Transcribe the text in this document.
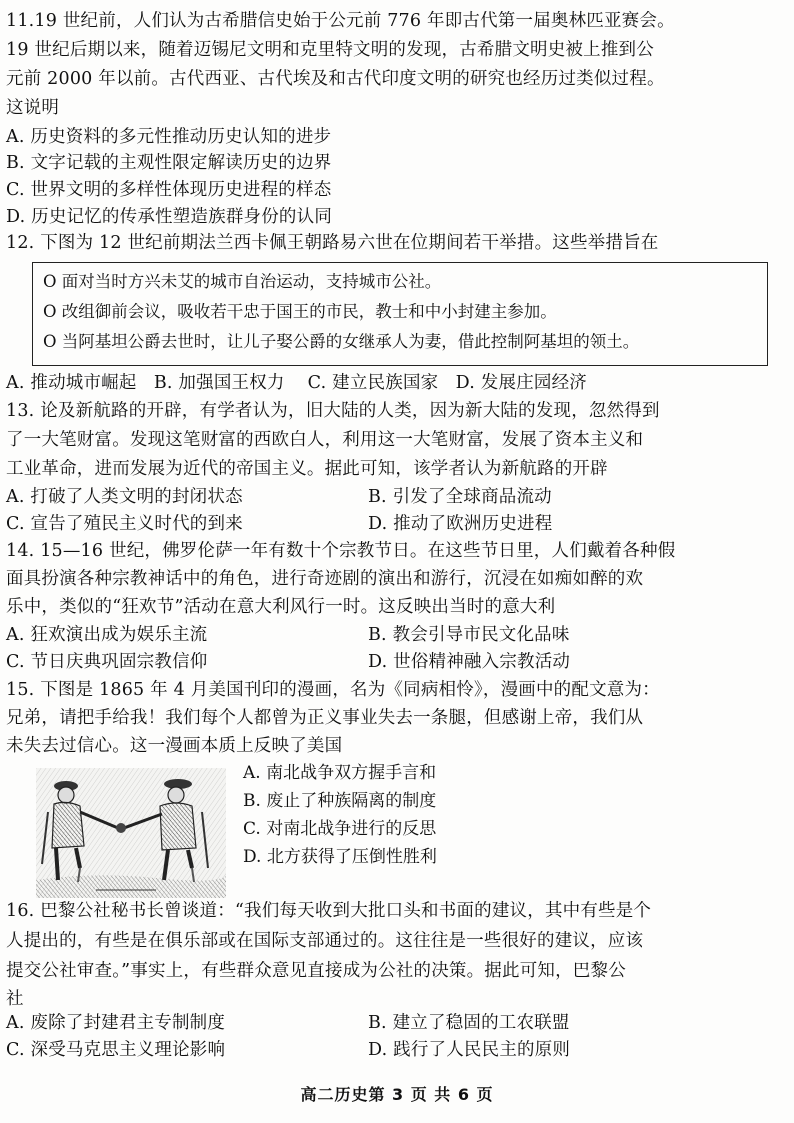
11.19 世纪前，人们认为古希腊信史始于公元前 776 年即古代第一届奥林匹亚赛会。
19 世纪后期以来，随着迈锡尼文明和克里特文明的发现，古希腊文明史被上推到公
元前 2000 年以前。古代西亚、古代埃及和古代印度文明的研究也经历过类似过程。
这说明
A. 历史资料的多元性推动历史认知的进步
B. 文字记载的主观性限定解读历史的边界
C. 世界文明的多样性体现历史进程的样态
D. 历史记忆的传承性塑造族群身份的认同
12. 下图为 12 世纪前期法兰西卡佩王朝路易六世在位期间若干举措。这些举措旨在
O 面对当时方兴未艾的城市自治运动，支持城市公社。
O 改组御前会议，吸收若干忠于国王的市民，教士和中小封建主参加。
O 当阿基坦公爵去世时，让儿子娶公爵的女继承人为妻，借此控制阿基坦的领土。
A. 推动城市崛起   B. 加强国王权力    C. 建立民族国家   D. 发展庄园经济
13. 论及新航路的开辟，有学者认为，旧大陆的人类，因为新大陆的发现，忽然得到
了一大笔财富。发现这笔财富的西欧白人，利用这一大笔财富，发展了资本主义和
工业革命，进而发展为近代的帝国主义。据此可知，该学者认为新航路的开辟
A. 打破了人类文明的封闭状态	B. 引发了全球商品流动
C. 宣告了殖民主义时代的到来	D. 推动了欧洲历史进程
14. 15—16 世纪，佛罗伦萨一年有数十个宗教节日。在这些节日里，人们戴着各种假
面具扮演各种宗教神话中的角色，进行奇迹剧的演出和游行，沉浸在如痴如醉的欢
乐中，类似的“狂欢节”活动在意大利风行一时。这反映出当时的意大利
A. 狂欢演出成为娱乐主流	B. 教会引导市民文化品味
C. 节日庆典巩固宗教信仰	D. 世俗精神融入宗教活动
15. 下图是 1865 年 4 月美国刊印的漫画，名为《同病相怜》，漫画中的配文意为：
兄弟，请把手给我！我们每个人都曾为正义事业失去一条腿，但感谢上帝，我们从
未失去过信心。这一漫画本质上反映了美国
A. 南北战争双方握手言和
B. 废止了种族隔离的制度
C. 对南北战争进行的反思
D. 北方获得了压倒性胜利
16. 巴黎公社秘书长曾谈道：“我们每天收到大批口头和书面的建议，其中有些是个
人提出的，有些是在俱乐部或在国际支部通过的。这往往是一些很好的建议，应该
提交公社审查。”事实上，有些群众意见直接成为公社的决策。据此可知，巴黎公
社
A. 废除了封建君主专制制度	B. 建立了稳固的工农联盟
C. 深受马克思主义理论影响	D. 践行了人民民主的原则
高二历史第 3 页 共 6 页
